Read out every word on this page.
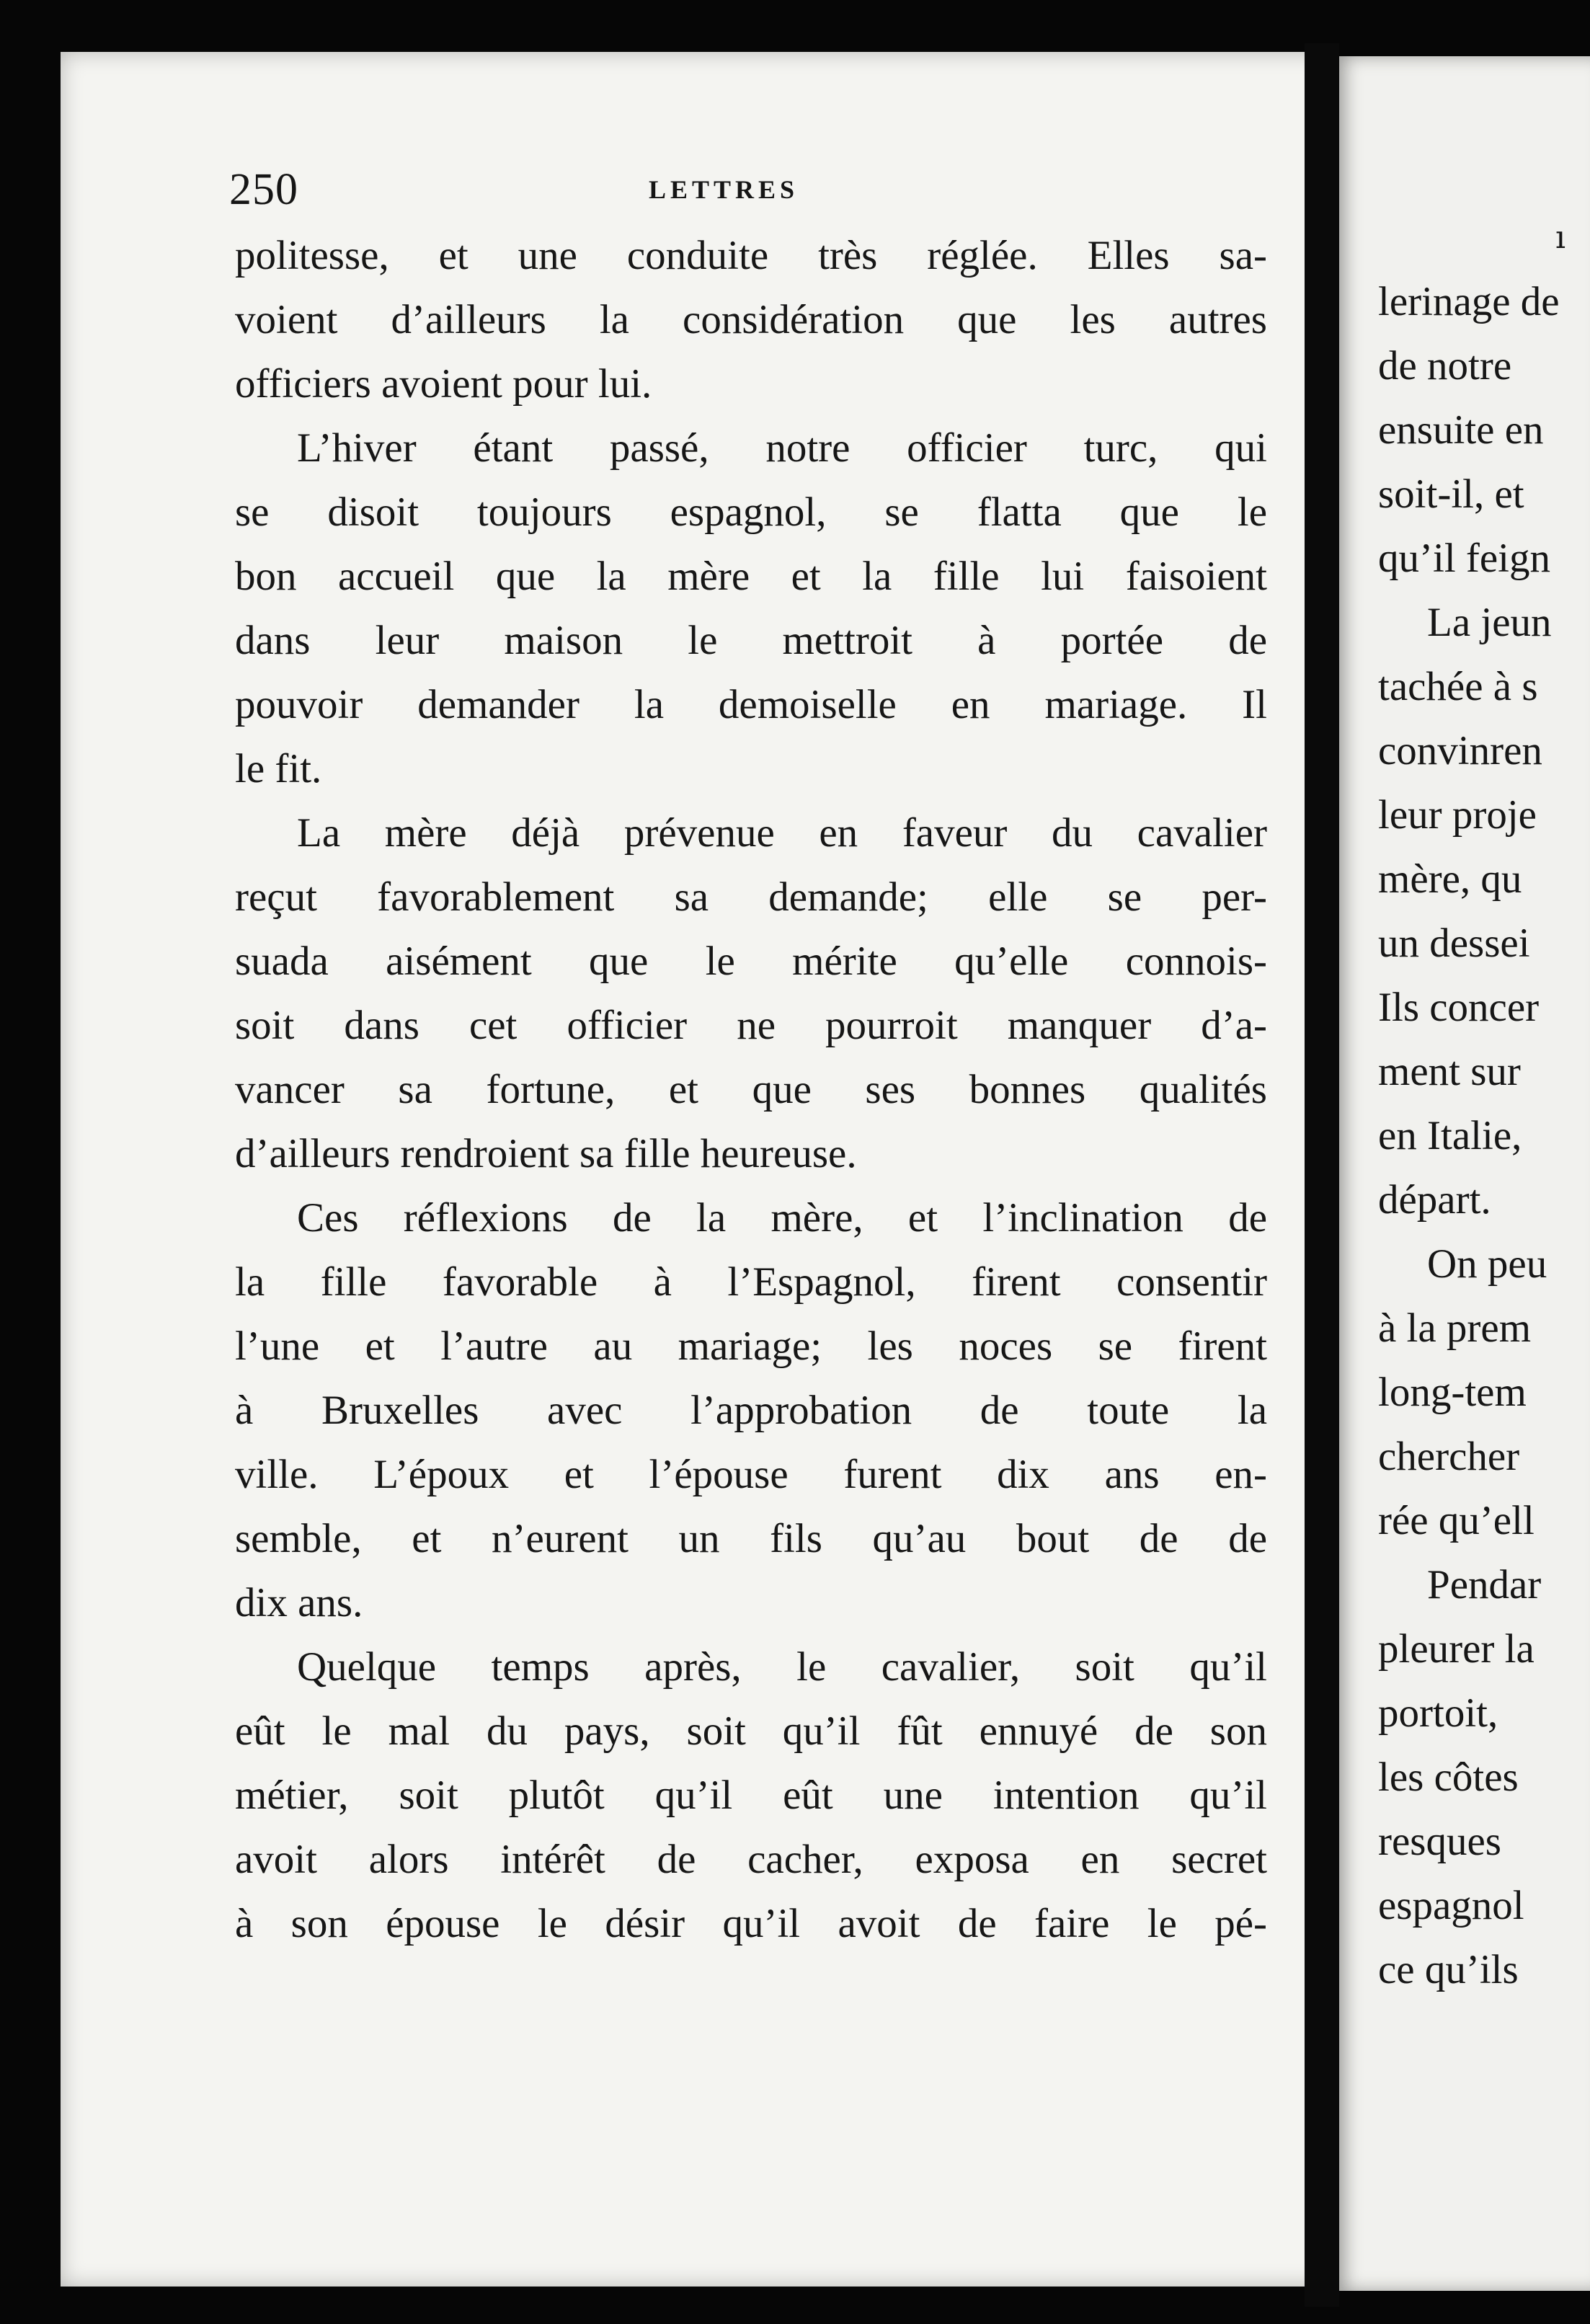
ı
lerinage de
de notre
ensuite en
soit-il, et
qu’il feign
La jeun
tachée à s
convinren
leur proje
mère, qu
un dessei
Ils concer
ment sur
en Italie,
départ.
On peu
à la prem
long-tem
chercher
rée qu’ell
Pendar
pleurer la
portoit,
les côtes
resques
espagnol
ce qu’ils
250	LETTRES
politesse, et une conduite très réglée. Elles sa-
voient d’ailleurs la considération que les autres
officiers avoient pour lui.
L’hiver étant passé, notre officier turc, qui
se disoit toujours espagnol, se flatta que le
bon accueil que la mère et la fille lui faisoient
dans leur maison le mettroit à portée de
pouvoir demander la demoiselle en mariage. Il
le fit.
La mère déjà prévenue en faveur du cavalier
reçut favorablement sa demande; elle se per-
suada aisément que le mérite qu’elle connois-
soit dans cet officier ne pourroit manquer d’a-
vancer sa fortune, et que ses bonnes qualités
d’ailleurs rendroient sa fille heureuse.
Ces réflexions de la mère, et l’inclination de
la fille favorable à l’Espagnol, firent consentir
l’une et l’autre au mariage; les noces se firent
à Bruxelles avec l’approbation de toute la
ville. L’époux et l’épouse furent dix ans en-
semble, et n’eurent un fils qu’au bout de de
dix ans.
Quelque temps après, le cavalier, soit qu’il
eût le mal du pays, soit qu’il fût ennuyé de son
métier, soit plutôt qu’il eût une intention qu’il
avoit alors intérêt de cacher, exposa en secret
à son épouse le désir qu’il avoit de faire le pé-
